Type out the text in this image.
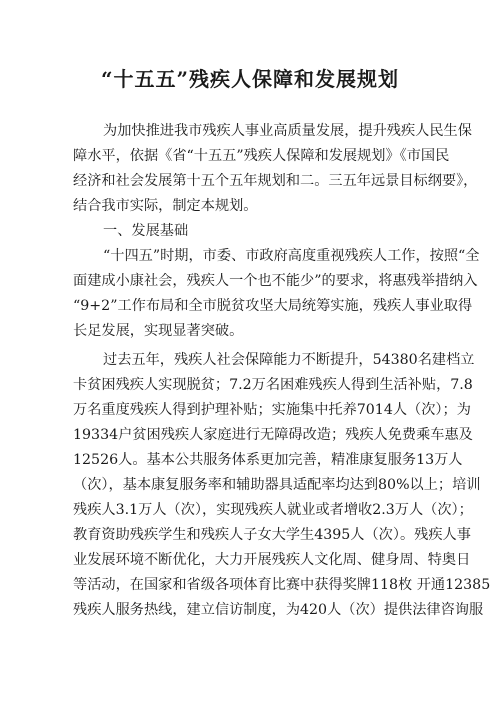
“十五五”残疾人保障和发展规划
为加快推进我市残疾人事业高质量发展，提升残疾人民生保
障水平，依据《省“十五五”残疾人保障和发展规划》《市国民
经济和社会发展第十五个五年规划和二。三五年远景目标纲要》，
结合我市实际，制定本规划。
一、发展基础
“十四五”时期，市委、市政府高度重视残疾人工作，按照“全
面建成小康社会，残疾人一个也不能少”的要求，将惠残举措纳入
“9+2”工作布局和全市脱贫攻坚大局统筹实施，残疾人事业取得
长足发展，实现显著突破。
过去五年，残疾人社会保障能力不断提升，54380名建档立
卡贫困残疾人实现脱贫；7.2万名困难残疾人得到生活补贴，7.8
万名重度残疾人得到护理补贴；实施集中托养7014人（次）；为
19334户贫困残疾人家庭进行无障碍改造；残疾人免费乘车惠及
12526人。基本公共服务体系更加完善，精准康复服务13万人
（次），基本康复服务率和辅助器具适配率均达到80%以上；培训
残疾人3.1万人（次），实现残疾人就业或者增收2.3万人（次）；
教育资助残疾学生和残疾人子女大学生4395人（次）。残疾人事
业发展环境不断优化，大力开展残疾人文化周、健身周、特奥日
等活动，在国家和省级各项体育比赛中获得奖牌118枚 开通12385
残疾人服务热线，建立信访制度，为420人（次）提供法律咨询服
